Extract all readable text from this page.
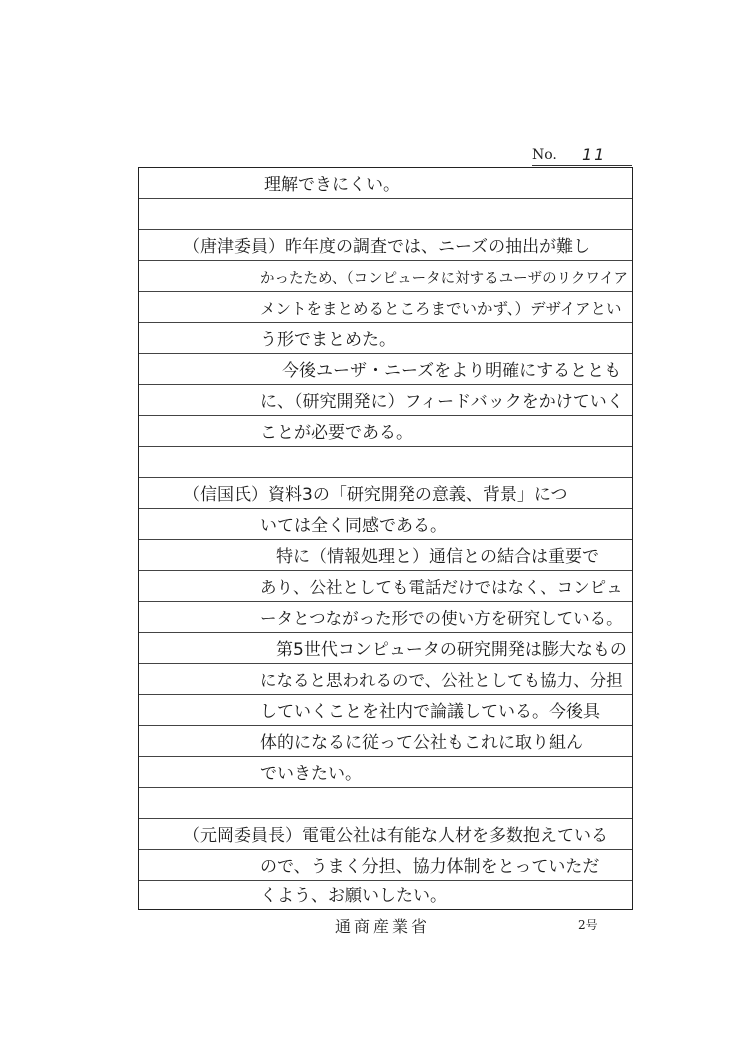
No. 11
理解できにくい。
（唐津委員）昨年度の調査では、ニーズの抽出が難し
かったため、（コンピュータに対するユーザのリクワイア
メントをまとめるところまでいかず、）デザイアとい
う形でまとめた。
今後ユーザ・ニーズをより明確にするととも
に、（研究開発に）フィードバックをかけていく
ことが必要である。
（信国氏）資料3の「研究開発の意義、背景」につ
いては全く同感である。
特に（情報処理と）通信との結合は重要で
あり、公社としても電話だけではなく、コンピュ
ータとつながった形での使い方を研究している。
第5世代コンピュータの研究開発は膨大なもの
になると思われるので、公社としても協力、分担
していくことを社内で論議している。今後具
体的になるに従って公社もこれに取り組ん
でいきたい。
（元岡委員長）電電公社は有能な人材を多数抱えている
ので、うまく分担、協力体制をとっていただ
くよう、お願いしたい。
通商産業省	2号
